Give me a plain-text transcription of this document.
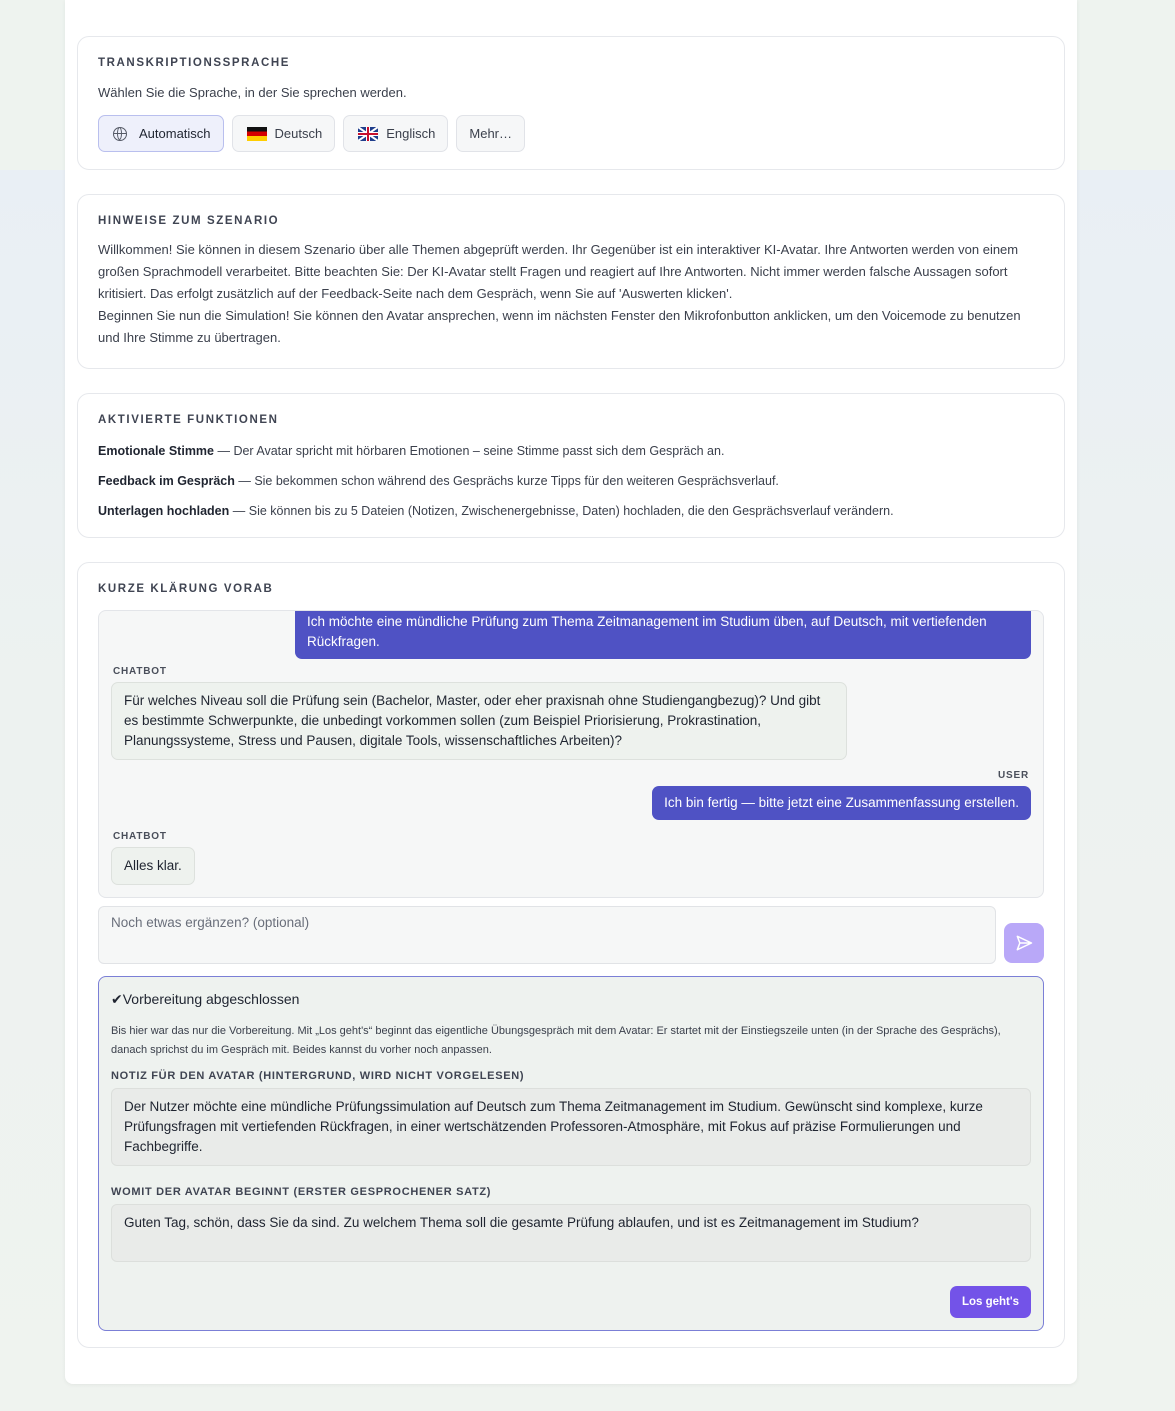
TRANSKRIPTIONSSPRACHE
Wählen Sie die Sprache, in der Sie sprechen werden.
Automatisch	Deutsch	Englisch	Mehr…
HINWEISE ZUM SZENARIO

Willkommen! Sie können in diesem Szenario über alle Themen abgeprüft werden. Ihr Gegenüber ist ein interaktiver KI-Avatar. Ihre Antworten werden von einem großen Sprachmodell verarbeitet. Bitte beachten Sie: Der KI-Avatar stellt Fragen und reagiert auf Ihre Antworten. Nicht immer werden falsche Aussagen sofort kritisiert. Das erfolgt zusätzlich auf der Feedback-Seite nach dem Gespräch, wenn Sie auf 'Auswerten klicken'.

Beginnen Sie nun die Simulation! Sie können den Avatar ansprechen, wenn im nächsten Fenster den Mikrofonbutton anklicken, um den Voicemode zu benutzen und Ihre Stimme zu übertragen.

AKTIVIERTE FUNKTIONEN
Emotionale Stimme — Der Avatar spricht mit hörbaren Emotionen – seine Stimme passt sich dem Gespräch an.
Feedback im Gespräch — Sie bekommen schon während des Gesprächs kurze Tipps für den weiteren Gesprächsverlauf.
Unterlagen hochladen — Sie können bis zu 5 Dateien (Notizen, Zwischenergebnisse, Daten) hochladen, die den Gesprächsverlauf verändern.
KURZE KLÄRUNG VORAB
Ich möchte eine mündliche Prüfung zum Thema Zeitmanagement im Studium üben, auf Deutsch, mit vertiefenden Rückfragen.
CHATBOT
Für welches Niveau soll die Prüfung sein (Bachelor, Master, oder eher praxisnah ohne Studiengangbezug)? Und gibt es bestimmte Schwerpunkte, die unbedingt vorkommen sollen (zum Beispiel Priorisierung, Prokrastination, Planungssysteme, Stress und Pausen, digitale Tools, wissenschaftliches Arbeiten)?
USER
Ich bin fertig — bitte jetzt eine Zusammenfassung erstellen.
CHATBOT
Alles klar.
Noch etwas ergänzen? (optional)
✔Vorbereitung abgeschlossen

Bis hier war das nur die Vorbereitung. Mit „Los geht's“ beginnt das eigentliche Übungsgespräch mit dem Avatar: Er startet mit der Einstiegszeile unten (in der Sprache des Gesprächs), danach sprichst du im Gespräch mit. Beides kannst du vorher noch anpassen.

NOTIZ FÜR DEN AVATAR (HINTERGRUND, WIRD NICHT VORGELESEN)
Der Nutzer möchte eine mündliche Prüfungssimulation auf Deutsch zum Thema Zeitmanagement im Studium. Gewünscht sind komplexe, kurze Prüfungsfragen mit vertiefenden Rückfragen, in einer wertschätzenden Professoren-Atmosphäre, mit Fokus auf präzise Formulierungen und Fachbegriffe.
WOMIT DER AVATAR BEGINNT (ERSTER GESPROCHENER SATZ)
Guten Tag, schön, dass Sie da sind. Zu welchem Thema soll die gesamte Prüfung ablaufen, und ist es Zeitmanagement im Studium?
Los geht's
